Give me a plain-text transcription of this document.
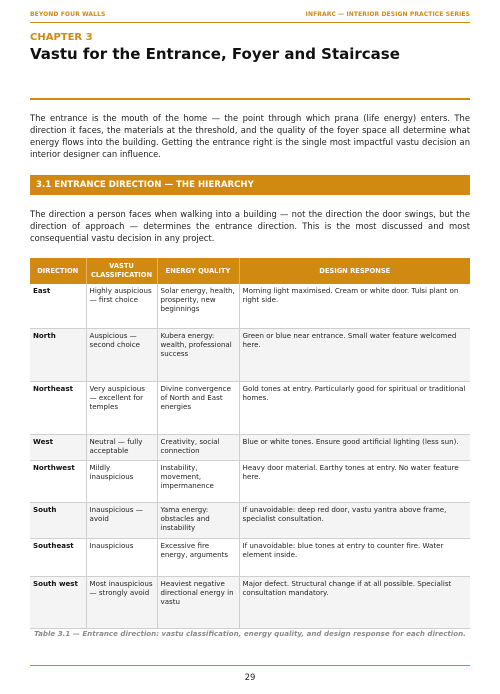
BEYOND FOUR WALLS	INFRARC — INTERIOR DESIGN PRACTICE SERIES
CHAPTER 3
Vastu for the Entrance, Foyer and Staircase

The entrance is the mouth of the home — the point through which prana (life energy) enters. The direction it faces, the materials at the threshold, and the quality of the foyer space all determine what energy flows into the building. Getting the entrance right is the single most impactful vastu decision an interior designer can influence.

3.1 ENTRANCE DIRECTION — THE HIERARCHY

The direction a person faces when walking into a building — not the direction the door swings, but the direction of approach — determines the entrance direction. This is the most discussed and most consequential vastu decision in any project.

DIRECTION	VASTU CLASSIFICATION	ENERGY QUALITY	DESIGN RESPONSE
East	Highly auspicious — first choice	Solar energy, health, prosperity, new beginnings	Morning light maximised. Cream or white door. Tulsi plant on right side.
North	Auspicious — second choice	Kubera energy: wealth, professional success	Green or blue near entrance. Small water feature welcomed here.
Northeast	Very auspicious — excellent for temples	Divine convergence of North and East energies	Gold tones at entry. Particularly good for spiritual or traditional homes.
West	Neutral — fully acceptable	Creativity, social connection	Blue or white tones. Ensure good artificial lighting (less sun).
Northwest	Mildly inauspicious	Instability, movement, impermanence	Heavy door material. Earthy tones at entry. No water feature here.
South	Inauspicious — avoid	Yama energy: obstacles and instability	If unavoidable: deep red door, vastu yantra above frame, specialist consultation.
Southeast	Inauspicious	Excessive fire energy, arguments	If unavoidable: blue tones at entry to counter fire. Water element inside.
South west	Most inauspicious — strongly avoid	Heaviest negative directional energy in vastu	Major defect. Structural change if at all possible. Specialist consultation mandatory.
Table 3.1 — Entrance direction: vastu classification, energy quality, and design response for each direction.
29
